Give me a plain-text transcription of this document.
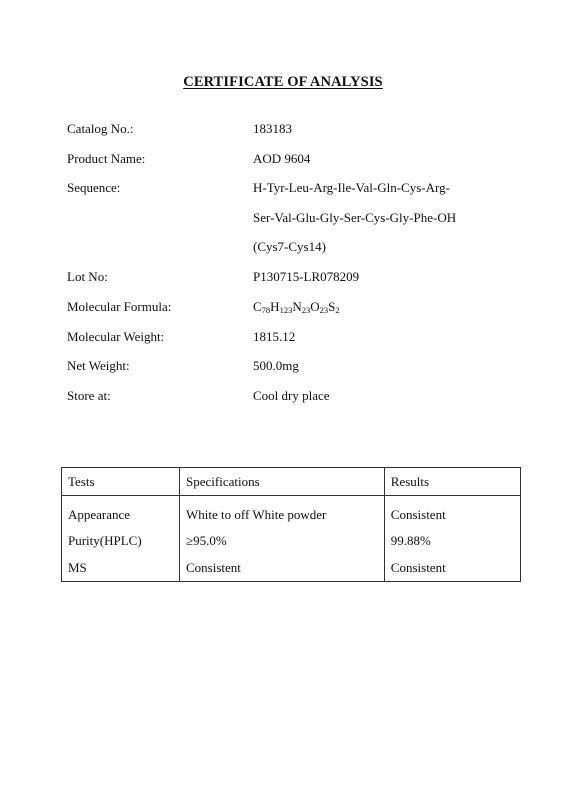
CERTIFICATE OF ANALYSIS
Catalog No.:	183183
Product Name:	AOD 9604
Sequence:	H-Tyr-Leu-Arg-Ile-Val-Gln-Cys-Arg-
Ser-Val-Glu-Gly-Ser-Cys-Gly-Phe-OH
(Cys7-Cys14)
Lot No:	P130715-LR078209
Molecular Formula:	$C_{78}H_{123}N_{23}O_{23}S_2$
Molecular Weight:	1815.12
Net Weight:	500.0mg
Store at:	Cool dry place
Tests	Specifications	Results
Appearance	White to off White powder	Consistent
Purity(HPLC)	≥95.0%	99.88%
MS	Consistent	Consistent
